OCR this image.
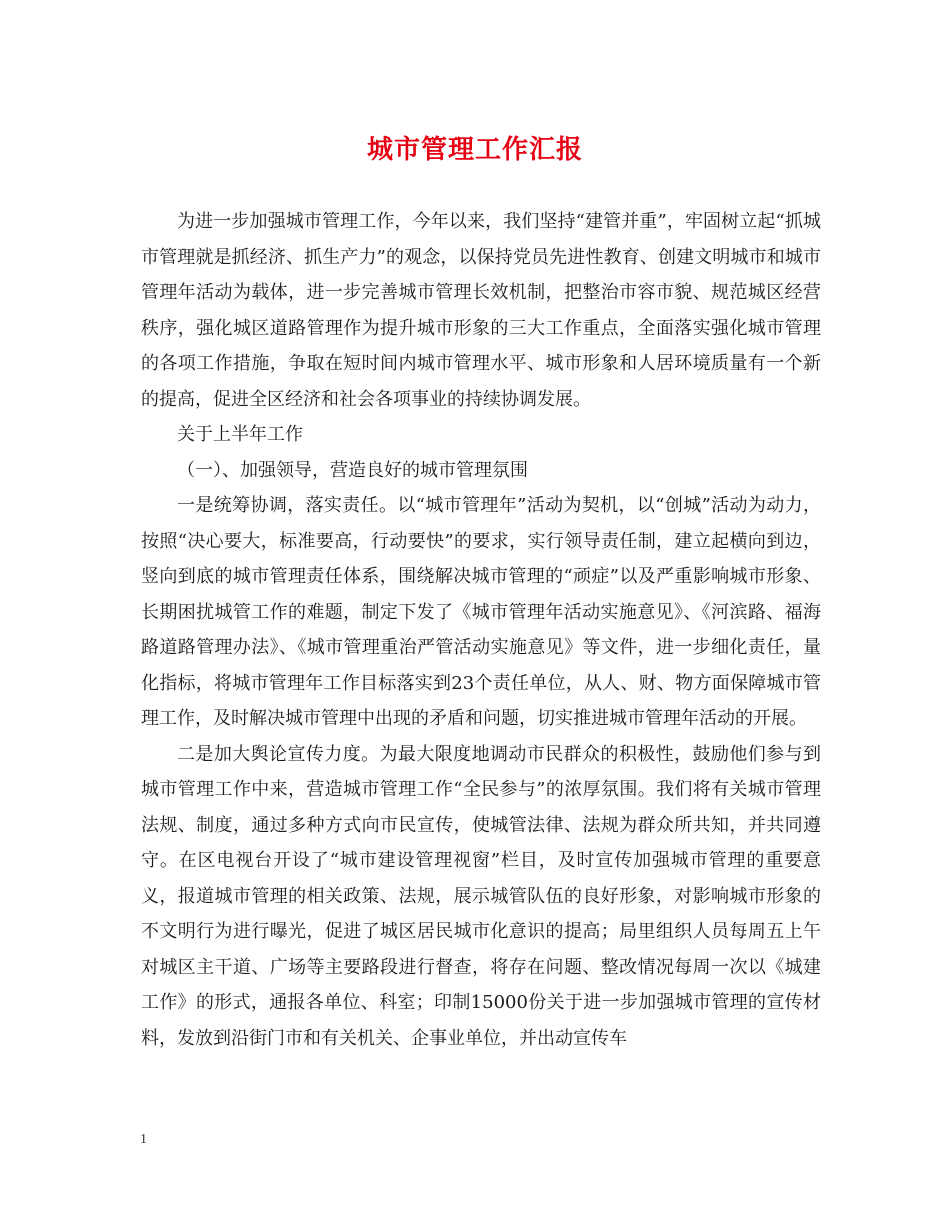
城市管理工作汇报

为进一步加强城市管理工作，今年以来，我们坚持“建管并重”，牢固树立起“抓城市管理就是抓经济、抓生产力”的观念，以保持党员先进性教育、创建文明城市和城市管理年活动为载体，进一步完善城市管理长效机制，把整治市容市貌、规范城区经营秩序，强化城区道路管理作为提升城市形象的三大工作重点，全面落实强化城市管理的各项工作措施，争取在短时间内城市管理水平、城市形象和人居环境质量有一个新的提高，促进全区经济和社会各项事业的持续协调发展。

关于上半年工作

（一）、加强领导，营造良好的城市管理氛围

一是统筹协调，落实责任。以“城市管理年”活动为契机，以“创城”活动为动力，按照“决心要大，标准要高，行动要快”的要求，实行领导责任制，建立起横向到边，竖向到底的城市管理责任体系，围绕解决城市管理的“顽症”以及严重影响城市形象、长期困扰城管工作的难题，制定下发了《城市管理年活动实施意见》、《河滨路、福海路道路管理办法》、《城市管理重治严管活动实施意见》等文件，进一步细化责任，量化指标，将城市管理年工作目标落实到23个责任单位，从人、财、物方面保障城市管理工作，及时解决城市管理中出现的矛盾和问题，切实推进城市管理年活动的开展。

二是加大舆论宣传力度。为最大限度地调动市民群众的积极性，鼓励他们参与到城市管理工作中来，营造城市管理工作“全民参与”的浓厚氛围。我们将有关城市管理法规、制度，通过多种方式向市民宣传，使城管法律、法规为群众所共知，并共同遵守。在区电视台开设了“城市建设管理视窗”栏目，及时宣传加强城市管理的重要意义，报道城市管理的相关政策、法规，展示城管队伍的良好形象，对影响城市形象的不文明行为进行曝光，促进了城区居民城市化意识的提高；局里组织人员每周五上午对城区主干道、广场等主要路段进行督查，将存在问题、整改情况每周一次以《城建工作》的形式，通报各单位、科室；印制15000份关于进一步加强城市管理的宣传材料，发放到沿街门市和有关机关、企事业单位，并出动宣传车

1
